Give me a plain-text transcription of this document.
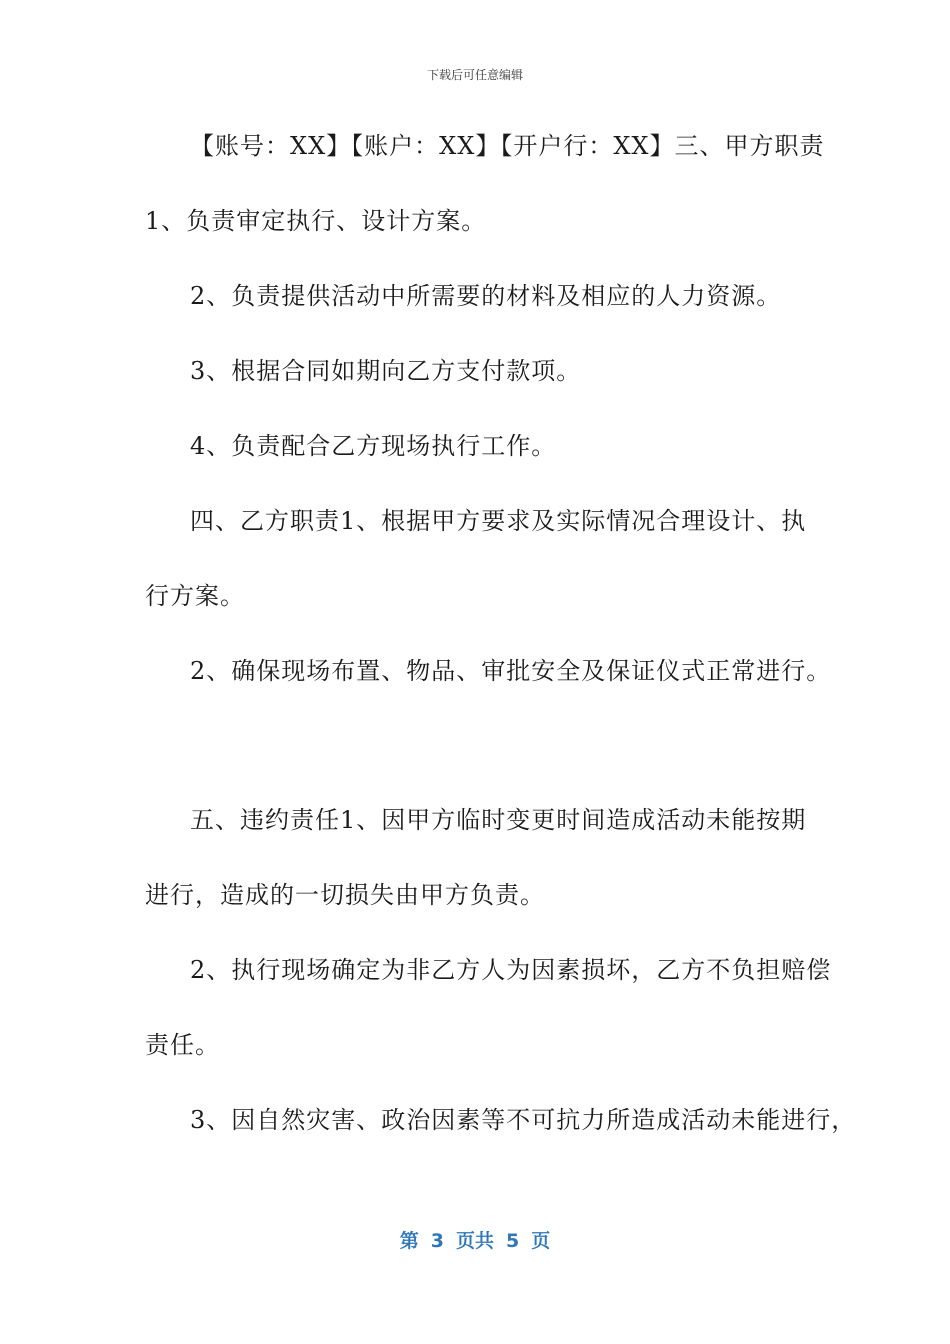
下载后可任意编辑
【账号：XX】【账户：XX】【开户行：XX】三、甲方职责
1、负责审定执行、设计方案。
2、负责提供活动中所需要的材料及相应的人力资源。
3、根据合同如期向乙方支付款项。
4、负责配合乙方现场执行工作。
四、乙方职责1、根据甲方要求及实际情况合理设计、执
行方案。
2、确保现场布置、物品、审批安全及保证仪式正常进行。
五、违约责任1、因甲方临时变更时间造成活动未能按期
进行，造成的一切损失由甲方负责。
2、执行现场确定为非乙方人为因素损坏，乙方不负担赔偿
责任。
3、因自然灾害、政治因素等不可抗力所造成活动未能进行，
第 3 页共 5 页
